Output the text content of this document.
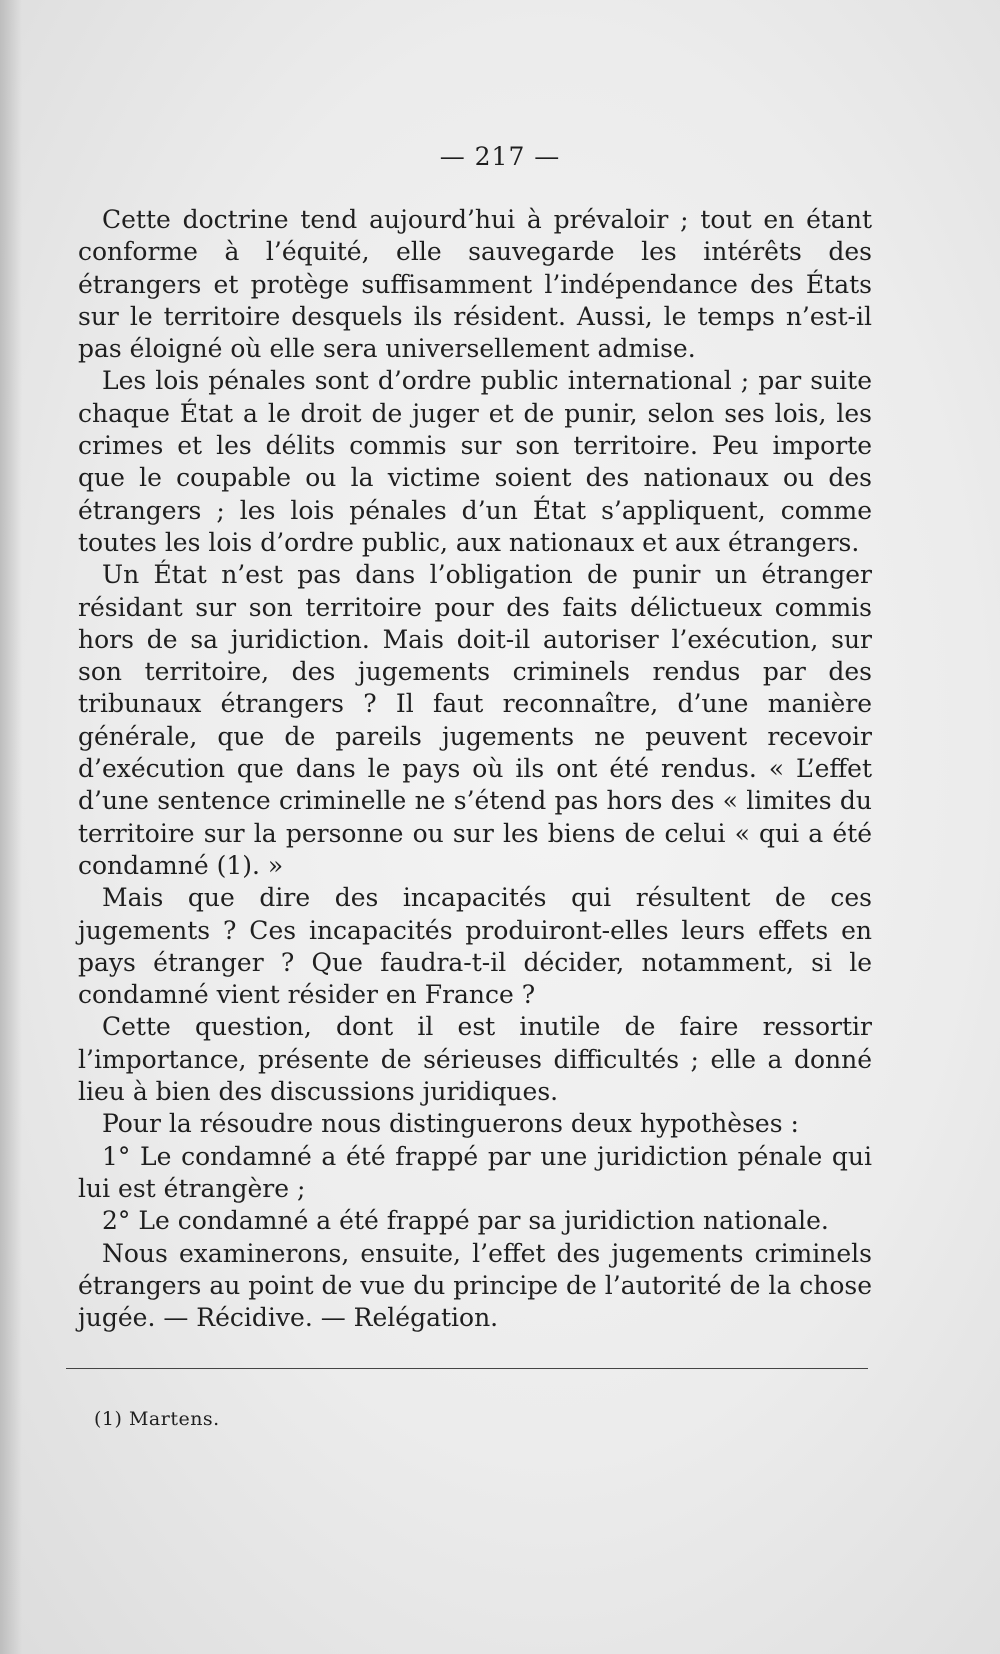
— 217 —

Cette doctrine tend aujourd’hui à prévaloir ; tout en étant conforme à l’équité, elle sauvegarde les intérêts des étrangers et protège suffisamment l’indépendance des États sur le territoire desquels ils résident. Aussi, le temps n’est-il pas éloigné où elle sera universellement admise.

Les lois pénales sont d’ordre public international ; par suite chaque État a le droit de juger et de punir, selon ses lois, les crimes et les délits commis sur son territoire. Peu importe que le coupable ou la victime soient des nationaux ou des étrangers ; les lois pénales d’un État s’appliquent, comme toutes les lois d’ordre public, aux nationaux et aux étrangers.

Un État n’est pas dans l’obligation de punir un étranger résidant sur son territoire pour des faits délictueux commis hors de sa juridiction. Mais doit-il autoriser l’exécution, sur son territoire, des jugements criminels rendus par des tribunaux étrangers ? Il faut reconnaître, d’une manière générale, que de pareils jugements ne peuvent recevoir d’exécution que dans le pays où ils ont été rendus. « L’effet d’une sentence criminelle ne s’étend pas hors des « limites du territoire sur la personne ou sur les biens de celui « qui a été condamné (1). »

Mais que dire des incapacités qui résultent de ces jugements ? Ces incapacités produiront-elles leurs effets en pays étranger ? Que faudra-t-il décider, notamment, si le condamné vient résider en France ?

Cette question, dont il est inutile de faire ressortir l’importance, présente de sérieuses difficultés ; elle a donné lieu à bien des discussions juridiques.

Pour la résoudre nous distinguerons deux hypothèses :

1° Le condamné a été frappé par une juridiction pénale qui lui est étrangère ;

2° Le condamné a été frappé par sa juridiction nationale.

Nous examinerons, ensuite, l’effet des jugements criminels étrangers au point de vue du principe de l’autorité de la chose jugée. — Récidive. — Relégation.

(1) Martens.
